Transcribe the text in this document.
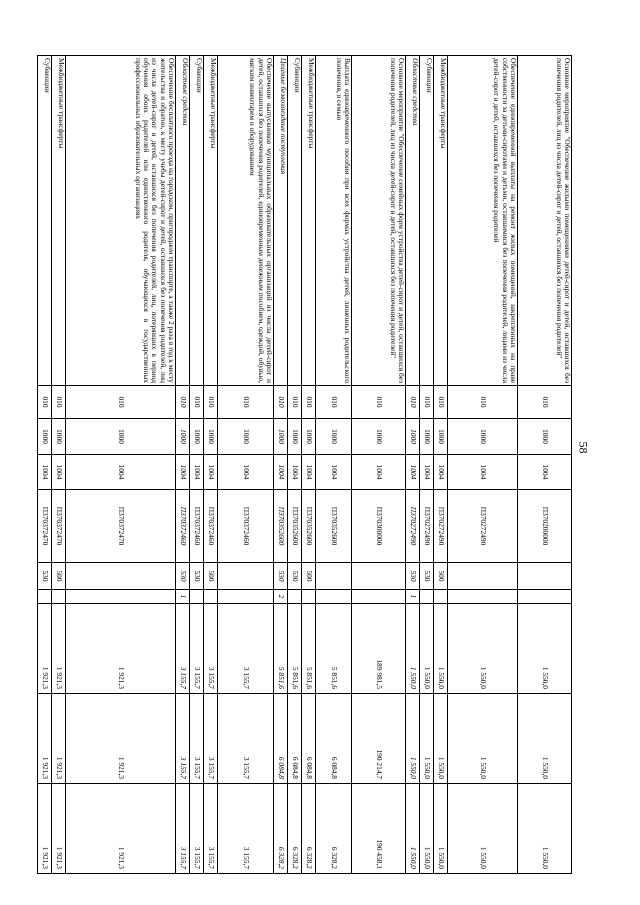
58
Основное мероприятие "Обеспечение жилыми помещениями детей-сирот и детей, оставшихся без попечения родителей, лиц из числа детей-сирот и детей, оставшихся без попечения родителей"	010	1000	1004	П370200000			1 550,0	1 550,0	1 550,0
Обеспечение единовременной выплаты на ремонт жилых помещений, закрепленных на праве собственности за детьми-сиротами и детьми, оставшимися без попечения родителей, лицами из числа детей-сирот и детей, оставшихся без попечения родителей	010	1000	1004	П370272490			1 550,0	1 550,0	1 550,0
Межбюджетные трансферты	010	1000	1004	П370272490	500		1 550,0	1 550,0	1 550,0
Субвенции	010	1000	1004	П370272490	530		1 550,0	1 550,0	1 550,0
Областные средства	010	1000	1004	П370272490	530	1	1 550,0	1 550,0	1 550,0
Основное мероприятие "Обеспечение семейных форм устройства детей-сирот и детей, оставшихся без попечения родителей, лиц из числа детей-сирот и детей, оставшихся без попечения родителей"	010	1000	1004	П370300000			189 981,5	190 214,7	190 458,1
Выплата единовременного пособия при всех формах устройства детей, лишенных родительского попечения, в семью	010	1000	1004	П370352600			5 851,6	6 084,8	6 328,2
Межбюджетные трансферты	010	1000	1004	П370352600	500		5 851,6	6 084,8	6 328,2
Субвенции	010	1000	1004	П370352600	530		5 851,6	6 084,8	6 328,2
Целевые безвозмездные поступления	010	1000	1004	П370352600	530	2	5 851,6	6 084,8	6 328,2
Обеспечение выпускников муниципальных образовательных организаций из числа детей-сирот и детей, оставшихся без попечения родителей, единовременным денежным пособием, одеждой, обувью, мягким инвентарем и оборудованием	010	1000	1004	П370372460			3 155,7	3 155,7	3 155,7
Межбюджетные трансферты	010	1000	1004	П370372460	500		3 155,7	3 155,7	3 155,7
Субвенции	010	1000	1004	П370372460	530		3 155,7	3 155,7	3 155,7
Областные средства	010	1000	1004	П370372460	530	1	3 155,7	3 155,7	3 155,7
Обеспечение бесплатного проезда на городском, пригородном транспорте, а также 2 раза в год к месту жительства и обратно, к месту учебы детей-сирот и детей, оставшихся без попечения родителей, лиц из числа детей-сирот и детей, оставшихся без попечения родителей, лиц, потерявших в период обучения обоих родителей или единственного родителя, обучающихся в государственных профессиональных образовательных организациях	010	1000	1004	П370372470			1 921,3	1 921,3	1 921,3
Межбюджетные трансферты	010	1000	1004	П370372470	500		1 921,3	1 921,3	1 921,3
Субвенции	010	1000	1004	П370372470	530		1 921,3	1 921,3	1 921,3
